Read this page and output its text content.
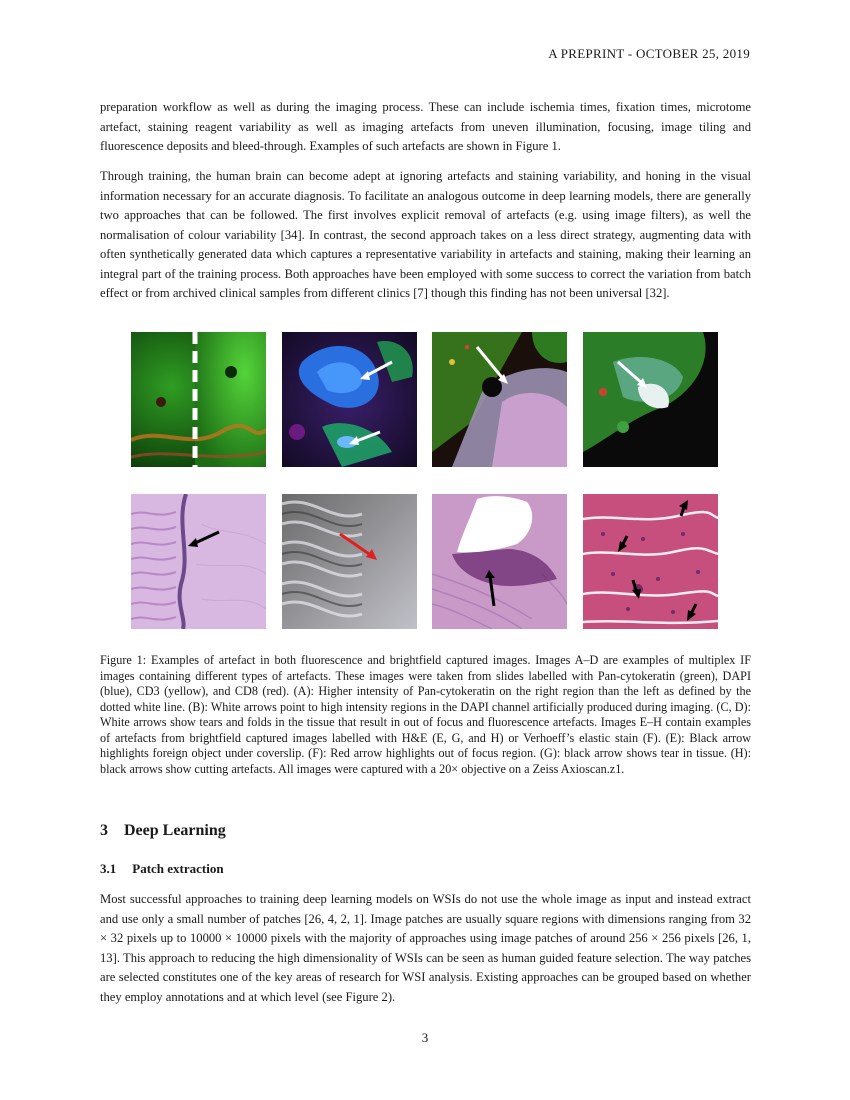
A PREPRINT - OCTOBER 25, 2019

preparation workflow as well as during the imaging process. These can include ischemia times, fixation times, microtome artefact, staining reagent variability as well as imaging artefacts from uneven illumination, focusing, image tiling and fluorescence deposits and bleed-through. Examples of such artefacts are shown in Figure 1.

Through training, the human brain can become adept at ignoring artefacts and staining variability, and honing in the visual information necessary for an accurate diagnosis. To facilitate an analogous outcome in deep learning models, there are generally two approaches that can be followed. The first involves explicit removal of artefacts (e.g. using image filters), as well the normalisation of colour variability [34]. In contrast, the second approach takes on a less direct strategy, augmenting data with often synthetically generated data which captures a representative variability in artefacts and staining, making their learning an integral part of the training process. Both approaches have been employed with some success to correct the variation from batch effect or from archived clinical samples from different clinics [7] though this finding has not been universal [32].

Figure 1: Examples of artefact in both fluorescence and brightfield captured images. Images A–D are examples of multiplex IF images containing different types of artefacts. These images were taken from slides labelled with Pan-cytokeratin (green), DAPI (blue), CD3 (yellow), and CD8 (red). (A): Higher intensity of Pan-cytokeratin on the right region than the left as defined by the dotted white line. (B): White arrows point to high intensity regions in the DAPI channel artificially produced during imaging. (C, D): White arrows show tears and folds in the tissue that result in out of focus and fluorescence artefacts. Images E–H contain examples of artefacts from brightfield captured images labelled with H&E (E, G, and H) or Verhoeff’s elastic stain (F). (E): Black arrow highlights foreign object under coverslip. (F): Red arrow highlights out of focus region. (G): black arrow shows tear in tissue. (H): black arrows show cutting artefacts. All images were captured with a 20× objective on a Zeiss Axioscan.z1.

3 Deep Learning
3.1 Patch extraction

Most successful approaches to training deep learning models on WSIs do not use the whole image as input and instead extract and use only a small number of patches [26, 4, 2, 1]. Image patches are usually square regions with dimensions ranging from 32 × 32 pixels up to 10000 × 10000 pixels with the majority of approaches using image patches of around 256 × 256 pixels [26, 1, 13]. This approach to reducing the high dimensionality of WSIs can be seen as human guided feature selection. The way patches are selected constitutes one of the key areas of research for WSI analysis. Existing approaches can be grouped based on whether they employ annotations and at which level (see Figure 2).

3
